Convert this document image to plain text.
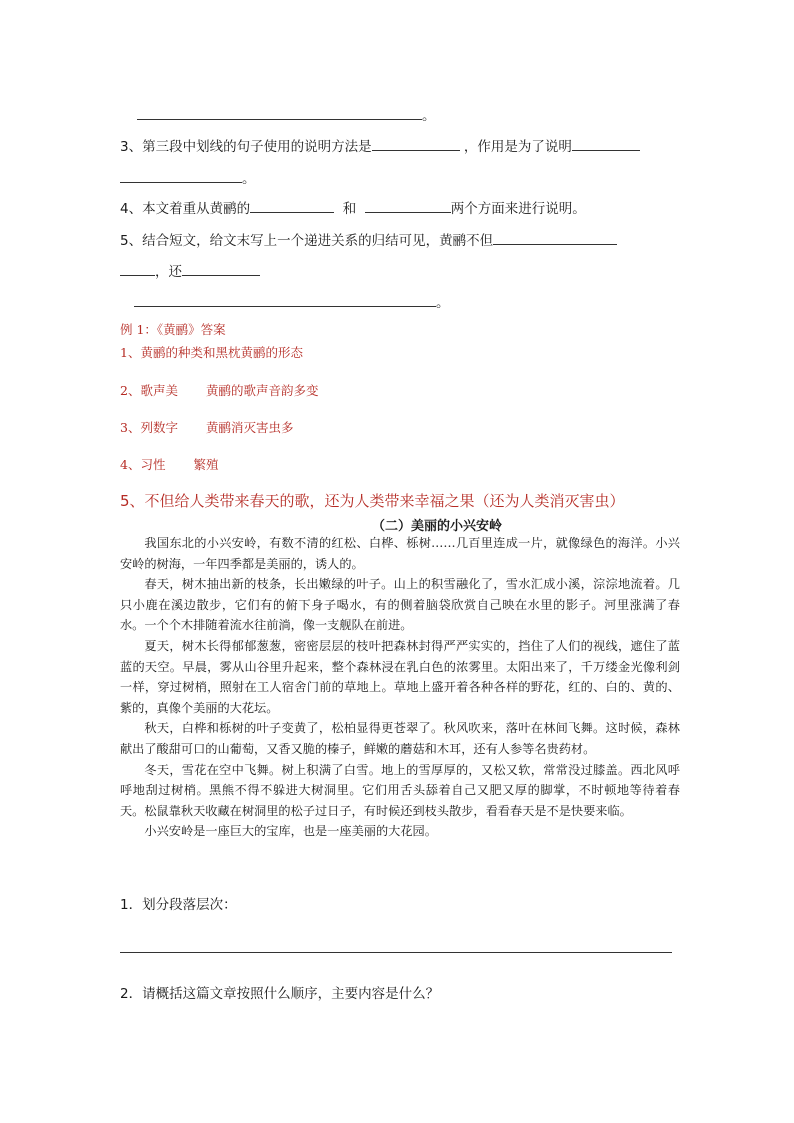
。
3、第三段中划线的句子使用的说明方法是	，作用是为了说明
。
4、本文着重从黄鹂的	和	两个方面来进行说明。
5、结合短文，给文末写上一个递进关系的归结可见，黄鹂不但
，还
。
例 1：《黄鹂》答案
1、黄鹂的种类和黑枕黄鹂的形态
2、歌声美 黄鹂的歌声音韵多变
3、列数字 黄鹂消灭害虫多
4、习性 繁殖
5、不但给人类带来春天的歌，还为人类带来幸福之果（还为人类消灭害虫）
（二）美丽的小兴安岭

我国东北的小兴安岭，有数不清的红松、白桦、栎树……几百里连成一片，就像绿色的海洋。小兴安岭的树海，一年四季都是美丽的，诱人的。

春天，树木抽出新的枝条，长出嫩绿的叶子。山上的积雪融化了，雪水汇成小溪，淙淙地流着。几只小鹿在溪边散步，它们有的俯下身子喝水，有的侧着脑袋欣赏自己映在水里的影子。河里涨满了春水。一个个木排随着流水往前淌，像一支舰队在前进。

夏天，树木长得郁郁葱葱，密密层层的枝叶把森林封得严严实实的，挡住了人们的视线，遮住了蓝蓝的天空。早晨，雾从山谷里升起来，整个森林浸在乳白色的浓雾里。太阳出来了，千万缕金光像利剑一样，穿过树梢，照射在工人宿舍门前的草地上。草地上盛开着各种各样的野花，红的、白的、黄的、紫的，真像个美丽的大花坛。

秋天，白桦和栎树的叶子变黄了，松柏显得更苍翠了。秋风吹来，落叶在林间飞舞。这时候，森林献出了酸甜可口的山葡萄，又香又脆的榛子，鲜嫩的蘑菇和木耳，还有人参等名贵药材。

冬天，雪花在空中飞舞。树上积满了白雪。地上的雪厚厚的，又松又软，常常没过膝盖。西北风呼呼地刮过树梢。黑熊不得不躲进大树洞里。它们用舌头舔着自己又肥又厚的脚掌，不时顿地等待着春天。松鼠靠秋天收藏在树洞里的松子过日子，有时候还到枝头散步，看看春天是不是快要来临。

小兴安岭是一座巨大的宝库，也是一座美丽的大花园。

1．划分段落层次：
2．请概括这篇文章按照什么顺序，主要内容是什么？
